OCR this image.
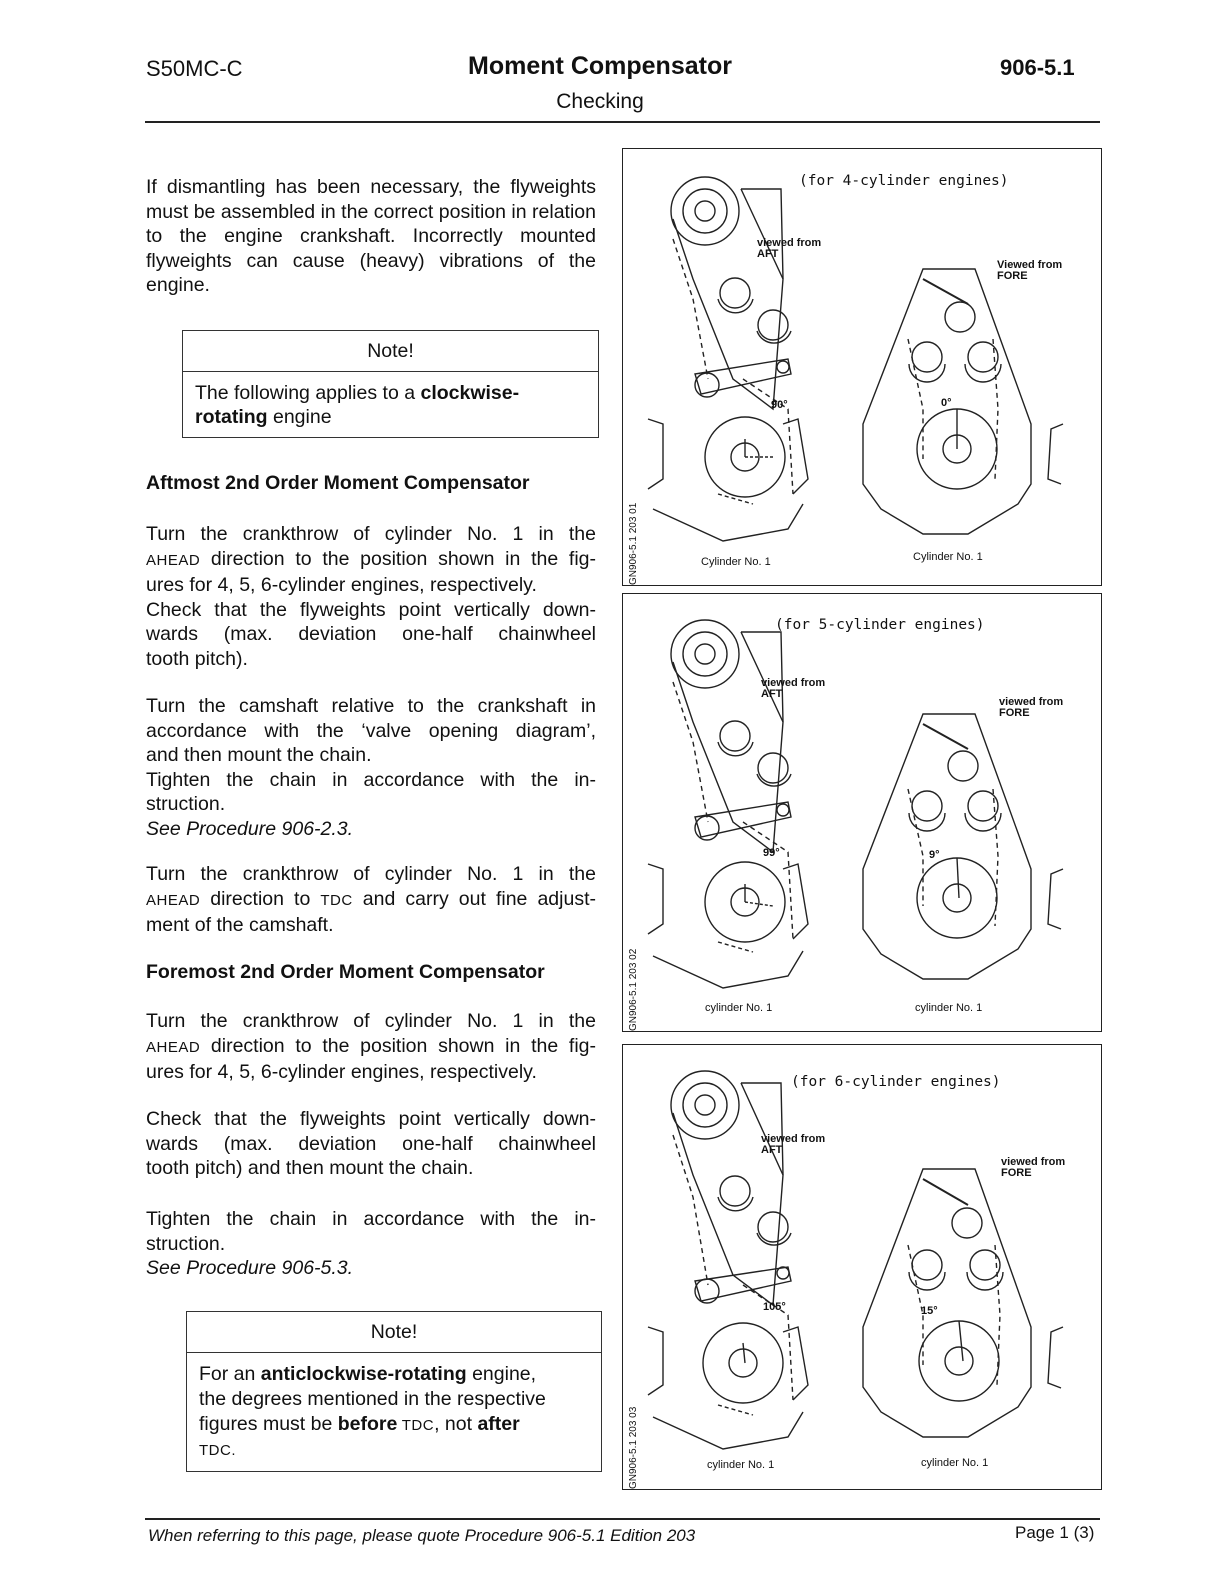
S50MC-C	Moment Compensator
Checking
906-5.1
If dismantling has been necessary, the flyweights must be assembled in the correct position in relation to the engine crankshaft. Incorrectly mounted flyweights can cause (heavy) vibrations of the engine.
Note!
The following applies to a clockwise-rotating engine
Aftmost 2nd Order Moment Compensator
Turn the crankthrow of cylinder No. 1 in the
AHEAD direction to the position shown in the fig-
ures for 4, 5, 6-cylinder engines, respectively.
Check that the flyweights point vertically down-
wards (max. deviation one-half chainwheel
tooth pitch).
Turn the camshaft relative to the crankshaft in
accordance with the ‘valve opening diagram’,
and then mount the chain.
Tighten the chain in accordance with the in-
struction.
See Procedure 906-2.3.
Turn the crankthrow of cylinder No. 1 in the
AHEAD direction to TDC and carry out fine adjust-
ment of the camshaft.
Foremost 2nd Order Moment Compensator
Turn the crankthrow of cylinder No. 1 in the
AHEAD direction to the position shown in the fig-
ures for 4, 5, 6-cylinder engines, respectively.
Check that the flyweights point vertically down-
wards (max. deviation one-half chainwheel
tooth pitch) and then mount the chain.
Tighten the chain in accordance with the in-
struction.
See Procedure 906-5.3.
Note!
For an anticlockwise-rotating engine,
the degrees mentioned in the respective
figures must be before TDC, not after
TDC.
(for 4-cylinder engines)
viewed from
AFT
Viewed from
FORE
90°	0°
Cylinder No. 1	Cylinder No. 1
GN906-5.1 203 01
(for 5-cylinder engines)
viewed from
AFT
viewed from
FORE
99°	9°
cylinder No. 1	cylinder No. 1
GN906-5.1 203 02
(for 6-cylinder engines)
viewed from
AFT
viewed from
FORE
105°	15°
cylinder No. 1	cylinder No. 1
GN906-5.1 203 03
When referring to this page, please quote Procedure 906-5.1 Edition 203	Page 1 (3)
